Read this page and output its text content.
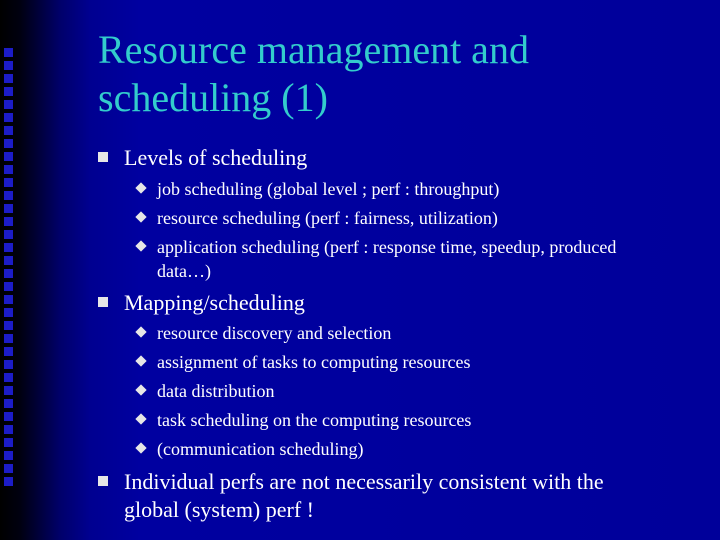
Resource management and
scheduling (1)
Levels of scheduling
job scheduling (global level ; perf : throughput)
resource scheduling (perf : fairness, utilization)
application scheduling (perf : response time, speedup, produced
data…)
Mapping/scheduling
resource discovery and selection
assignment of tasks to computing resources
data distribution
task scheduling on the computing resources
(communication scheduling)
Individual perfs are not necessarily consistent with the
global (system) perf !
